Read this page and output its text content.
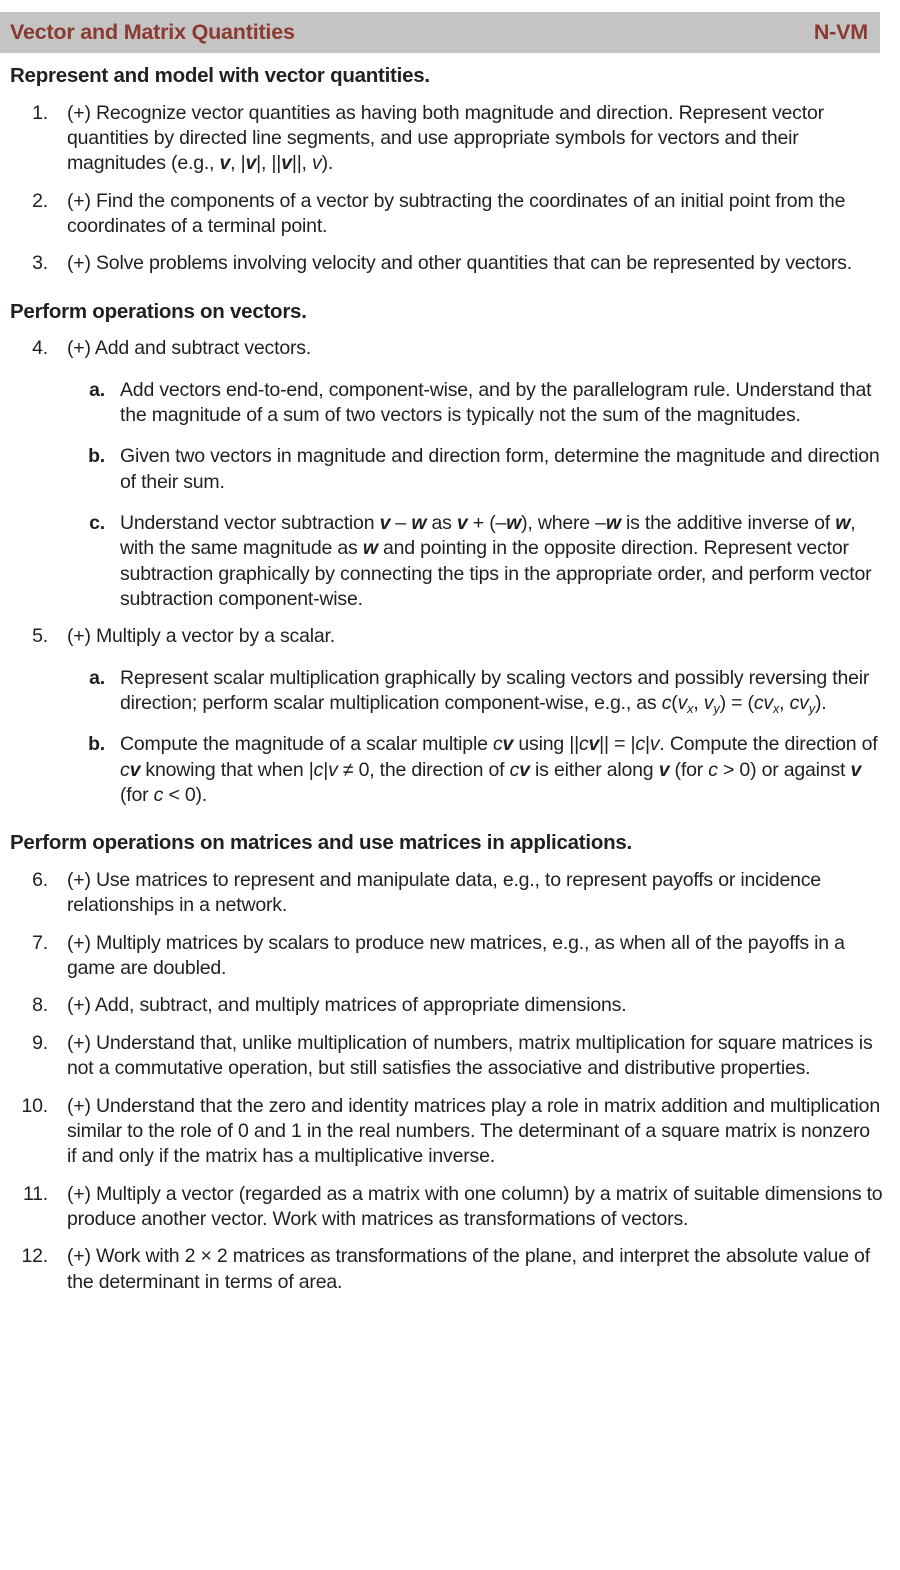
Vector and Matrix Quantities	N-VM
Represent and model with vector quantities.
1. (+) Recognize vector quantities as having both magnitude and direction. Represent vector quantities by directed line segments, and use appropriate symbols for vectors and their magnitudes (e.g., v, |v|, ||v||, v).
2. (+) Find the components of a vector by subtracting the coordinates of an initial point from the coordinates of a terminal point.
3. (+) Solve problems involving velocity and other quantities that can be represented by vectors.
Perform operations on vectors.
4. (+) Add and subtract vectors.
a. Add vectors end-to-end, component-wise, and by the parallelogram rule. Understand that the magnitude of a sum of two vectors is typically not the sum of the magnitudes.
b. Given two vectors in magnitude and direction form, determine the magnitude and direction of their sum.
c. Understand vector subtraction v – w as v + (–w), where –w is the additive inverse of w, with the same magnitude as w and pointing in the opposite direction. Represent vector subtraction graphically by connecting the tips in the appropriate order, and perform vector subtraction component-wise.
5. (+) Multiply a vector by a scalar.
a. Represent scalar multiplication graphically by scaling vectors and possibly reversing their direction; perform scalar multiplication component-wise, e.g., as $c(v_x$, $v_y) = (cv_x$, $cv_y$).
b. Compute the magnitude of a scalar multiple cv using ||cv|| = |c|v. Compute the direction of cv knowing that when |c|v ≠ 0, the direction of cv is either along v (for c > 0) or against v (for c < 0).
Perform operations on matrices and use matrices in applications.
6. (+) Use matrices to represent and manipulate data, e.g., to represent payoffs or incidence relationships in a network.
7. (+) Multiply matrices by scalars to produce new matrices, e.g., as when all of the payoffs in a game are doubled.
8. (+) Add, subtract, and multiply matrices of appropriate dimensions.
9. (+) Understand that, unlike multiplication of numbers, matrix multiplication for square matrices is not a commutative operation, but still satisfies the associative and distributive properties.
10. (+) Understand that the zero and identity matrices play a role in matrix addition and multiplication similar to the role of 0 and 1 in the real numbers. The determinant of a square matrix is nonzero if and only if the matrix has a multiplicative inverse.
11. (+) Multiply a vector (regarded as a matrix with one column) by a matrix of suitable dimensions to produce another vector. Work with matrices as transformations of vectors.
12. (+) Work with 2 × 2 matrices as transformations of the plane, and interpret the absolute value of the determinant in terms of area.
